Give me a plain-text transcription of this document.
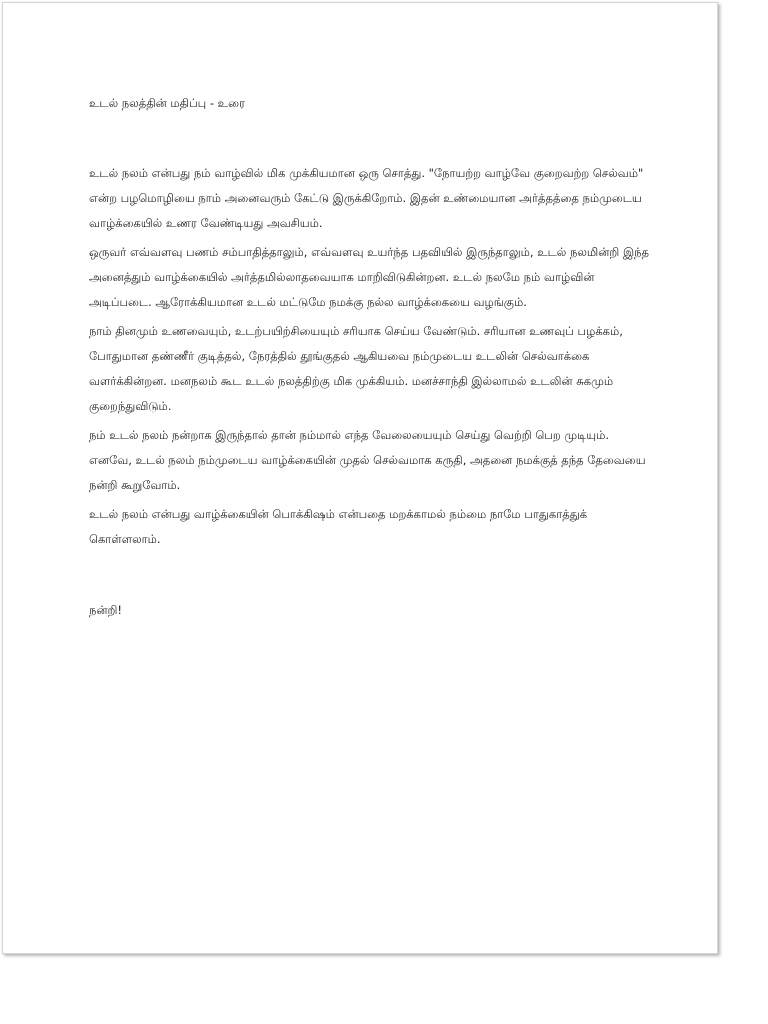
உடல் நலத்தின் மதிப்பு - உரை

உடல் நலம் என்பது நம் வாழ்வில் மிக முக்கியமான ஒரு சொத்து. "நோயற்ற வாழ்வே குறைவற்ற செல்வம்" என்ற பழமொழியை நாம் அனைவரும் கேட்டு இருக்கிறோம். இதன் உண்மையான அர்த்தத்தை நம்முடைய வாழ்க்கையில் உணர வேண்டியது அவசியம்.

ஒருவர் எவ்வளவு பணம் சம்பாதித்தாலும், எவ்வளவு உயர்ந்த பதவியில் இருந்தாலும், உடல் நலமின்றி இந்த அனைத்தும் வாழ்க்கையில் அர்த்தமில்லாதவையாக மாறிவிடுகின்றன. உடல் நலமே நம் வாழ்வின் அடிப்படை. ஆரோக்கியமான உடல் மட்டுமே நமக்கு நல்ல வாழ்க்கையை வழங்கும்.

நாம் தினமும் உணவையும், உடற்பயிற்சியையும் சரியாக செய்ய வேண்டும். சரியான உணவுப் பழக்கம், போதுமான தண்ணீர் குடித்தல், நேரத்தில் தூங்குதல் ஆகியவை நம்முடைய உடலின் செல்வாக்கை வளர்க்கின்றன. மனநலம் கூட உடல் நலத்திற்கு மிக முக்கியம். மனச்சாந்தி இல்லாமல் உடலின் சுகமும் குறைந்துவிடும்.

நம் உடல் நலம் நன்றாக இருந்தால் தான் நம்மால் எந்த வேலையையும் செய்து வெற்றி பெற முடியும். எனவே, உடல் நலம் நம்முடைய வாழ்க்கையின் முதல் செல்வமாக கருதி, அதனை நமக்குத் தந்த தேவையை நன்றி கூறுவோம்.

உடல் நலம் என்பது வாழ்க்கையின் பொக்கிஷம் என்பதை மறக்காமல் நம்மை நாமே பாதுகாத்துக் கொள்ளலாம்.

நன்றி!
